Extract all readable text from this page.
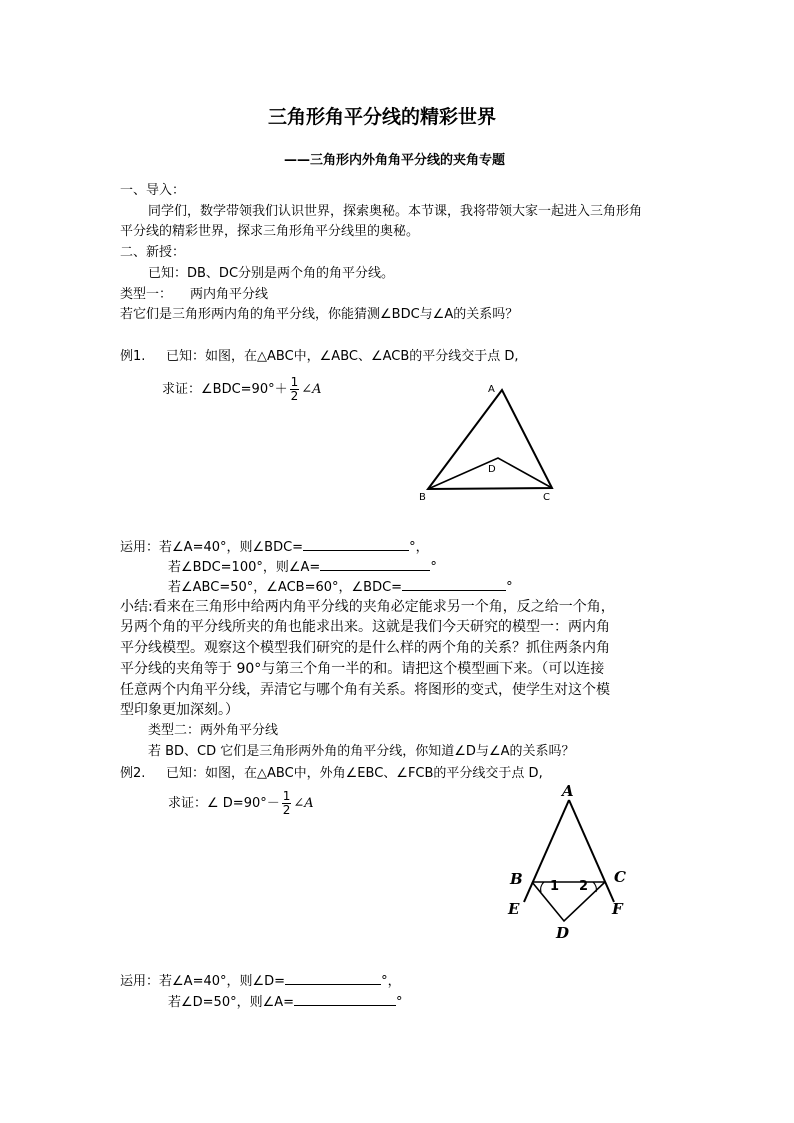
三角形角平分线的精彩世界
——三角形内外角角平分线的夹角专题
一、导入：
同学们，数学带领我们认识世界，探索奥秘。本节课，我将带领大家一起进入三角形角
平分线的精彩世界，探求三角形角平分线里的奥秘。
二、新授：
已知：DB、DC分别是两个角的角平分线。
类型一： 两内角平分线
若它们是三角形两内角的角平分线，你能猜测∠BDC与∠A的关系吗？
例1. 已知：如图，在△ABC中，∠ABC、∠ACB的平分线交于点 D,
求证：∠BDC=90°＋ $\frac{1}{2}$ ∠A	A
B	C
D
运用：若∠A=40°，则∠BDC=	°，
若∠BDC=100°，则∠A=	°
若∠ABC=50°，∠ACB=60°，∠BDC=	°
小结:看来在三角形中给两内角平分线的夹角必定能求另一个角，反之给一个角，
另两个角的平分线所夹的角也能求出来。这就是我们今天研究的模型一：两内角
平分线模型。观察这个模型我们研究的是什么样的两个角的关系？抓住两条内角
平分线的夹角等于 90°与第三个角一半的和。请把这个模型画下来。（可以连接
任意两个内角平分线，弄清它与哪个角有关系。将图形的变式，使学生对这个模
型印象更加深刻。）
类型二：两外角平分线
若 BD、CD 它们是三角形两外角的角平分线，你知道∠D与∠A的关系吗？
例2. 已知：如图，在△ABC中，外角∠EBC、∠FCB的平分线交于点 D,
求证：∠ $D=90^\circ- \frac{1}{2}$ ∠A
A
B	C
D
E	F
1 2
运用：若∠A=40°，则∠D=	°，
若∠D=50°，则∠A=	°
